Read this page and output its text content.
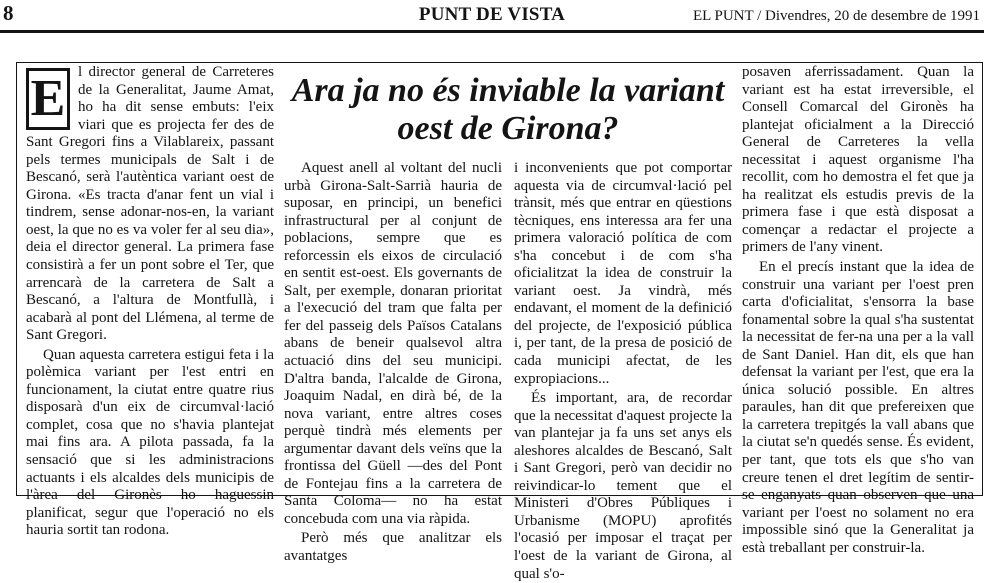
8	PUNT DE VISTA	EL PUNT / Divendres, 20 de desembre de 1991
Ara ja no és inviable la variant oest de Girona?
E l director general de Carreteres de la Generalitat, Jaume Amat, ho ha dit sense embuts: l'eix viari que es projecta fer des de Sant Gregori fins a Vilablareix, passant pels termes municipals de Salt i de Bescanó, serà l'autèntica variant oest de Girona. «Es tracta d'anar fent un vial i tindrem, sense adonar-nos-en, la variant oest, la que no es va voler fer al seu dia», deia el director general. La primera fase consistirà a fer un pont sobre el Ter, que arrencarà de la carretera de Salt a Bescanó, a l'altura de Montfullà, i acabarà al pont del Llémena, al terme de Sant Gregori.

Quan aquesta carretera estigui feta i la polèmica variant per l'est entri en funcionament, la ciutat entre quatre rius disposarà d'un eix de circumval·lació complet, cosa que no s'havia plantejat mai fins ara. A pilota passada, fa la sensació que si les administracions actuants i els alcaldes dels municipis de l'àrea del Gironès ho haguessin planificat, segur que l'operació no els hauria sortit tan rodona.

Aquest anell al voltant del nucli urbà Girona-Salt-Sarrià hauria de suposar, en principi, un benefici infrastructural per al conjunt de poblacions, sempre que es reforcessin els eixos de circulació en sentit est-oest. Els governants de Salt, per exemple, donaran prioritat a l'execució del tram que falta per fer del passeig dels Països Catalans abans de beneir qualsevol altra actuació dins del seu municipi. D'altra banda, l'alcalde de Girona, Joaquim Nadal, en dirà bé, de la nova variant, entre altres coses perquè tindrà més elements per argumentar davant dels veïns que la frontissa del Güell —des del Pont de Fontejau fins a la carretera de Santa Coloma— no ha estat concebuda com una via ràpida.

Però més que analitzar els avantatges

i inconvenients que pot comportar aquesta via de circumval·lació pel trànsit, més que entrar en qüestions tècniques, ens interessa ara fer una primera valoració política de com s'ha concebut i de com s'ha oficialitzat la idea de construir la variant oest. Ja vindrà, més endavant, el moment de la definició del projecte, de l'exposició pública i, per tant, de la presa de posició de cada municipi afectat, de les expropiacions...

És important, ara, de recordar que la necessitat d'aquest projecte la van plantejar ja fa uns set anys els aleshores alcaldes de Bescanó, Salt i Sant Gregori, però van decidir no reivindicar-lo tement que el Ministeri d'Obres Públiques i Urbanisme (MOPU) aprofités l'ocasió per imposar el traçat per l'oest de la variant de Girona, al qual s'o-

posaven aferrissadament. Quan la variant est ha estat irreversible, el Consell Comarcal del Gironès ha plantejat oficialment a la Direcció General de Carreteres la vella necessitat i aquest organisme l'ha recollit, com ho demostra el fet que ja ha realitzat els estudis previs de la primera fase i que està disposat a començar a redactar el projecte a primers de l'any vinent.

En el precís instant que la idea de construir una variant per l'oest pren carta d'oficialitat, s'ensorra la base fonamental sobre la qual s'ha sustentat la necessitat de fer-na una per a la vall de Sant Daniel. Han dit, els que han defensat la variant per l'est, que era la única solució possible. En altres paraules, han dit que prefereixen que la carretera trepitgés la vall abans que la ciutat se'n quedés sense. És evident, per tant, que tots els que s'ho van creure tenen el dret legítim de sentir-se enganyats quan observen que una variant per l'oest no solament no era impossible sinó que la Generalitat ja està treballant per construir-la.
